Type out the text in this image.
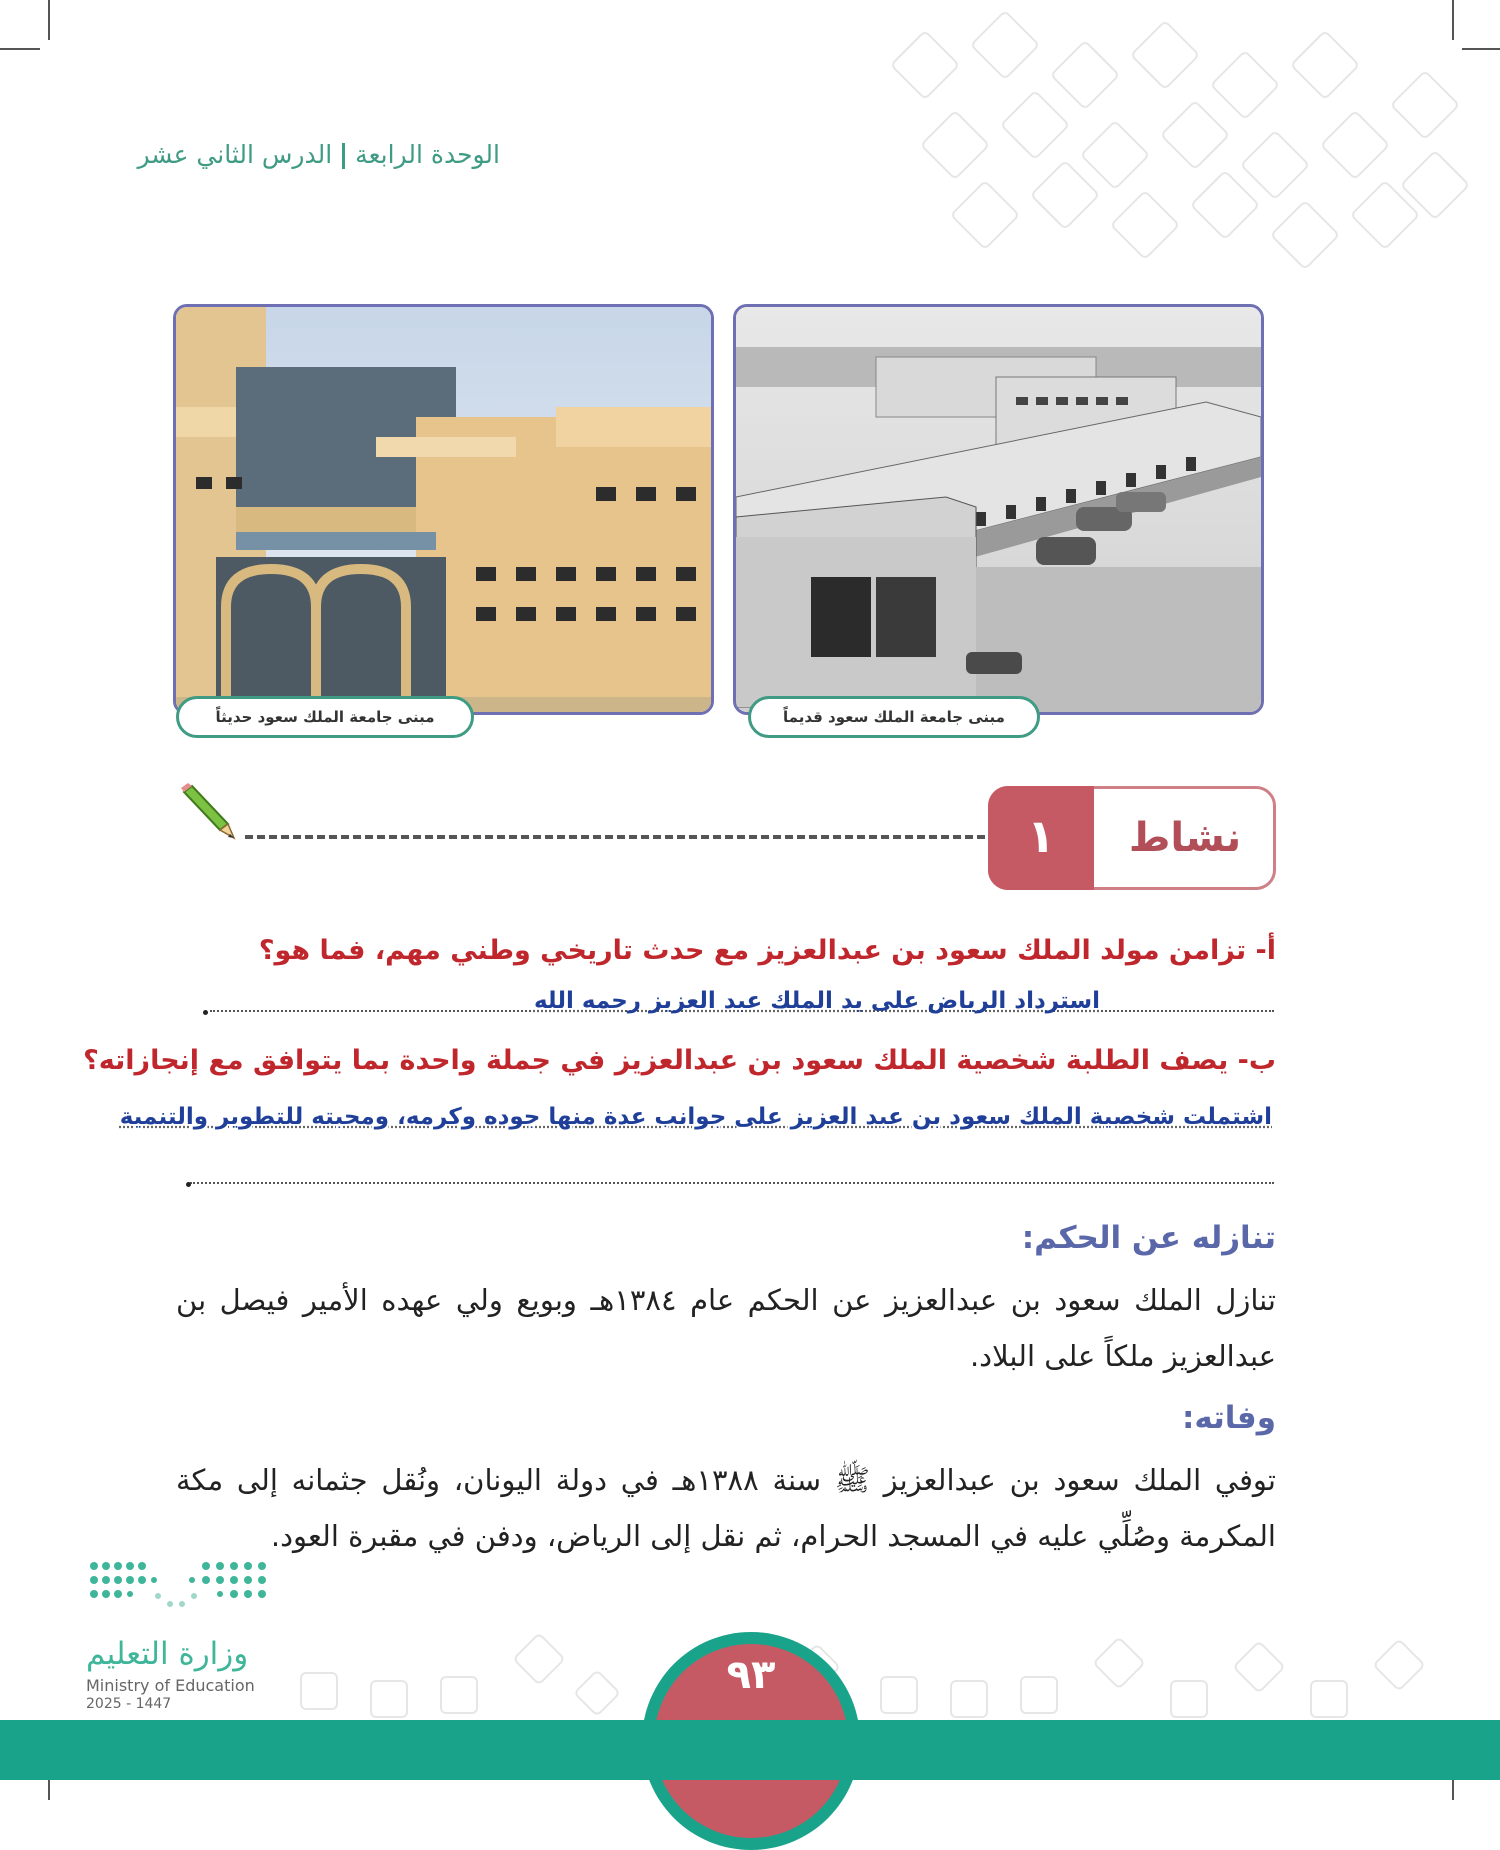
الوحدة الرابعةالدرس الثاني عشر
مبنى جامعة الملك سعود قديماً
مبنى جامعة الملك سعود حديثاً
١	نشاط
أ- تزامن مولد الملك سعود بن عبدالعزيز مع حدث تاريخي وطني مهم، فما هو؟
استرداد الرياض على يد الملك عبد العزيز رحمه الله
ب- يصف الطلبة شخصية الملك سعود بن عبدالعزيز في جملة واحدة بما يتوافق مع إنجازاته؟
اشتملت شخصية الملك سعود بن عبد العزيز على جوانب عدة منها جوده وكرمه، ومحبته للتطوير والتنمية
تنازله عن الحكم:
تنازل الملك سعود بن عبدالعزيز عن الحكم عام ١٣٨٤هـ وبويع ولي عهده الأمير فيصل بن عبدالعزيز ملكاً على البلاد.
وفاته:
توفي الملك سعود بن عبدالعزيز ﷺ سنة ١٣٨٨هـ في دولة اليونان، ونُقل جثمانه إلى مكة المكرمة وصُلِّي عليه في المسجد الحرام، ثم نقل إلى الرياض، ودفن في مقبرة العود.
وزارة التعليم
Ministry of Education
2025 - 1447
٩٣
